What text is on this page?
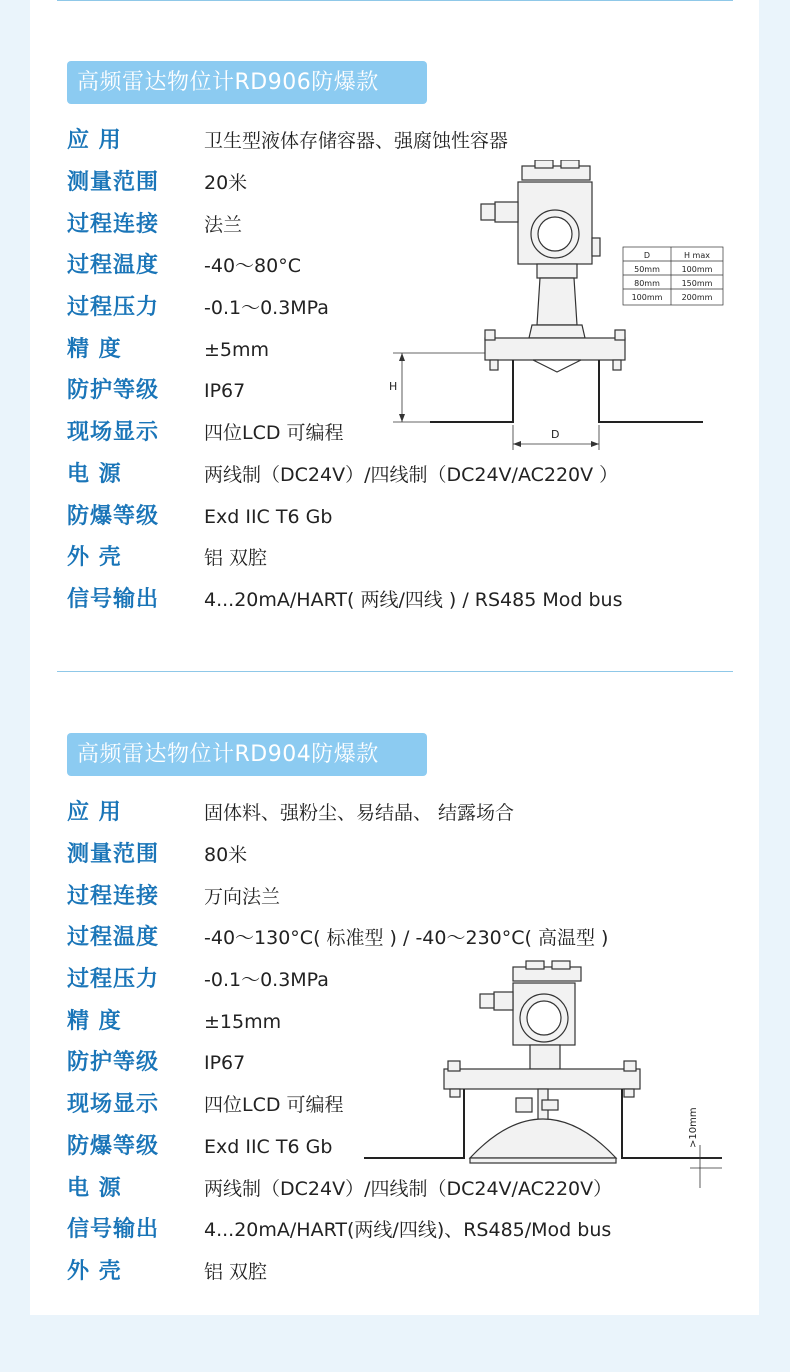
高频雷达物位计RD906防爆款
应 用	卫生型液体存储容器、强腐蚀性容器
测量范围	20米
过程连接	法兰
过程温度	-40～80°C
过程压力	-0.1～0.3MPa
精 度	±5mm
防护等级	IP67
现场显示	四位LCD 可编程
电 源	两线制（DC24V）/四线制（DC24V/AC220V ）
防爆等级	Exd IIC T6 Gb
外 壳	铝 双腔
信号输出	4...20mA/HART( 两线/四线 ) / RS485 Mod bus
H
D
D	H max
50mm	100mm
80mm	150mm
100mm 200mm
高频雷达物位计RD904防爆款
应 用	固体料、强粉尘、易结晶、 结露场合
测量范围	80米
过程连接	万向法兰
过程温度	-40～130°C( 标准型 ) / -40～230°C( 高温型 )
过程压力	-0.1～0.3MPa
精 度	±15mm
防护等级	IP67
现场显示	四位LCD 可编程
防爆等级	Exd IIC T6 Gb
电 源	两线制（DC24V）/四线制（DC24V/AC220V）
信号输出	4...20mA/HART(两线/四线)、RS485/Mod bus
外 壳	铝 双腔
>10mm
